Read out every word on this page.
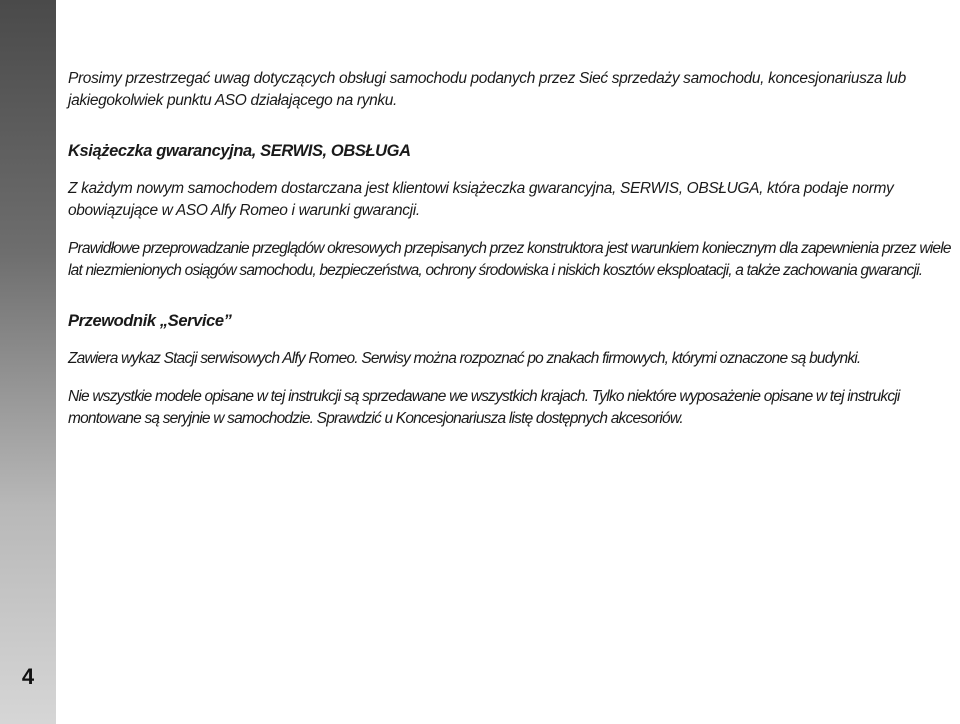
4

Prosimy przestrzegać uwag dotyczących obsługi samochodu podanych przez Sieć sprzedaży samochodu, koncesjonariusza lub jakiegokolwiek punktu ASO działającego na rynku.

Książeczka gwarancyjna, SERWIS, OBSŁUGA

Z każdym nowym samochodem dostarczana jest klientowi książeczka gwarancyjna, SERWIS, OBSŁUGA, która podaje normy obowiązujące w ASO Alfy Romeo i warunki gwarancji.

Prawidłowe przeprowadzanie przeglądów okresowych przepisanych przez konstruktora jest warunkiem koniecznym dla zapewnienia przez wiele lat niezmienionych osiągów samochodu, bezpieczeństwa, ochrony środowiska i niskich kosztów eksploatacji, a także zachowania gwarancji.

Przewodnik „Service”

Zawiera wykaz Stacji serwisowych Alfy Romeo. Serwisy można rozpoznać po znakach firmowych, którymi oznaczone są budynki.

Nie wszystkie modele opisane w tej instrukcji są sprzedawane we wszystkich krajach. Tylko niektóre wyposażenie opisane w tej instrukcji montowane są seryjnie w samochodzie. Sprawdzić u Koncesjonariusza listę dostępnych akcesoriów.
